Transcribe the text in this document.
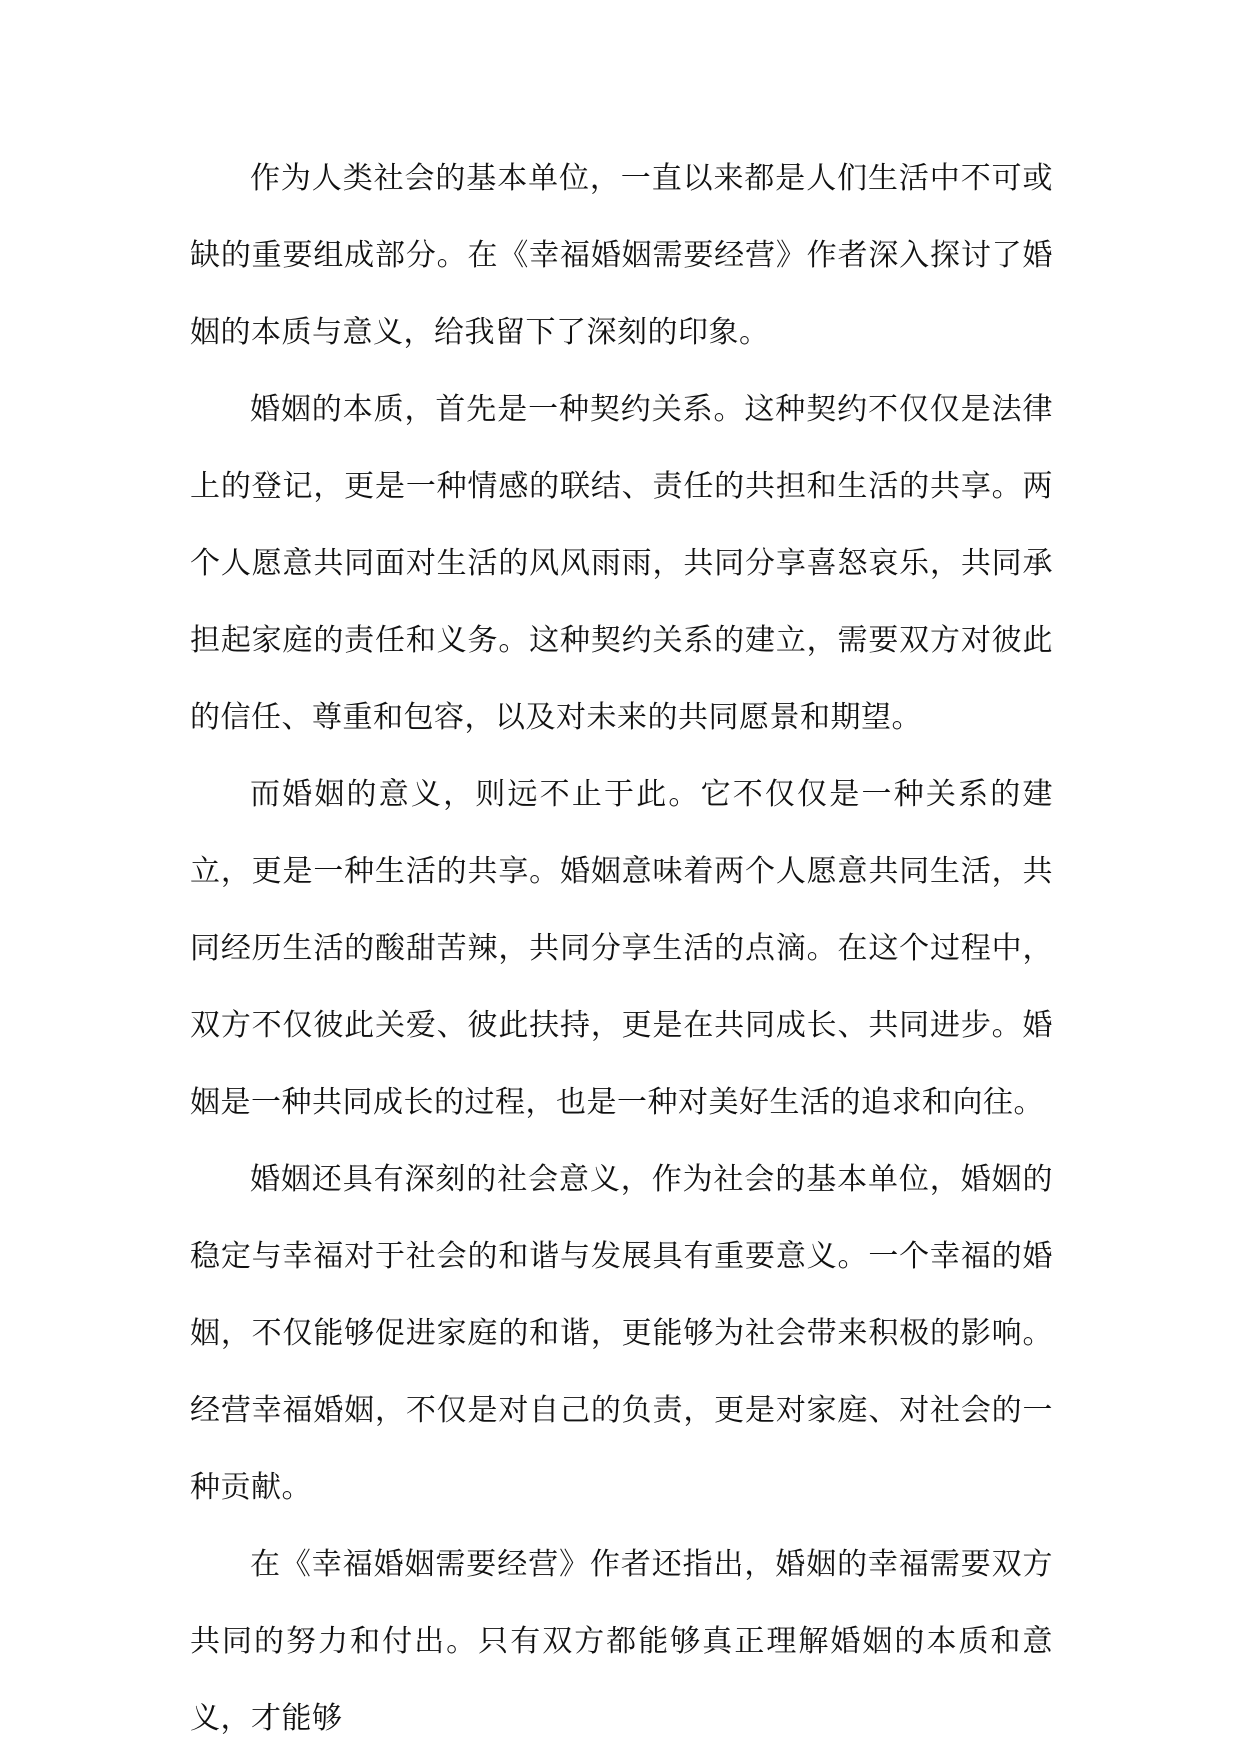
作为人类社会的基本单位，一直以来都是人们生活中不可或缺的重要组成部分。在《幸福婚姻需要经营》作者深入探讨了婚姻的本质与意义，给我留下了深刻的印象。

婚姻的本质，首先是一种契约关系。这种契约不仅仅是法律上的登记，更是一种情感的联结、责任的共担和生活的共享。两个人愿意共同面对生活的风风雨雨，共同分享喜怒哀乐，共同承担起家庭的责任和义务。这种契约关系的建立，需要双方对彼此的信任、尊重和包容，以及对未来的共同愿景和期望。

而婚姻的意义，则远不止于此。它不仅仅是一种关系的建立，更是一种生活的共享。婚姻意味着两个人愿意共同生活，共同经历生活的酸甜苦辣，共同分享生活的点滴。在这个过程中，双方不仅彼此关爱、彼此扶持，更是在共同成长、共同进步。婚姻是一种共同成长的过程，也是一种对美好生活的追求和向往。

婚姻还具有深刻的社会意义，作为社会的基本单位，婚姻的稳定与幸福对于社会的和谐与发展具有重要意义。一个幸福的婚姻，不仅能够促进家庭的和谐，更能够为社会带来积极的影响。经营幸福婚姻，不仅是对自己的负责，更是对家庭、对社会的一种贡献。

在《幸福婚姻需要经营》作者还指出，婚姻的幸福需要双方共同的努力和付出。只有双方都能够真正理解婚姻的本质和意义，才能够
